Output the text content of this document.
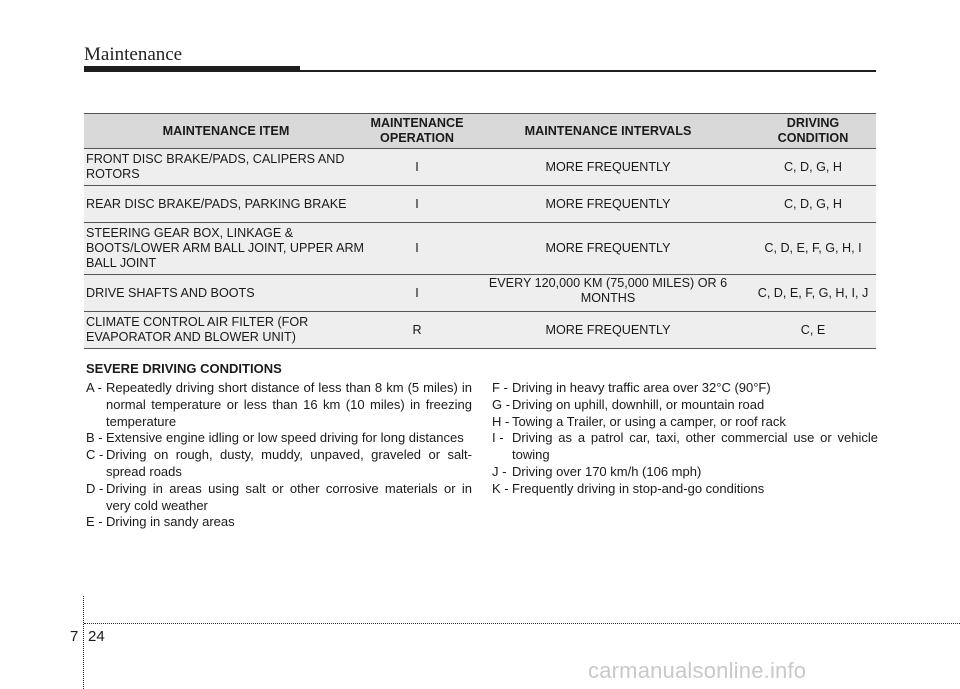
Maintenance
MAINTENANCE ITEM	MAINTENANCE OPERATION	MAINTENANCE INTERVALS	DRIVING CONDITION
FRONT DISC BRAKE/PADS, CALIPERS AND ROTORS	I	MORE FREQUENTLY	C, D, G, H
REAR DISC BRAKE/PADS, PARKING BRAKE	I	MORE FREQUENTLY	C, D, G, H
STEERING GEAR BOX, LINKAGE & BOOTS/LOWER ARM BALL JOINT, UPPER ARM BALL JOINT	I	MORE FREQUENTLY	C, D, E, F, G, H, I
DRIVE SHAFTS AND BOOTS	I	EVERY 120,000 KM (75,000 MILES) OR 6 MONTHS	C, D, E, F, G, H, I, J
CLIMATE CONTROL AIR FILTER (FOR EVAPORATOR AND BLOWER UNIT)	R	MORE FREQUENTLY	C, E
SEVERE DRIVING CONDITIONS
A - Repeatedly driving short distance of less than 8 km (5 miles) in normal temperature or less than 16 km (10 miles) in freezing temperature
B - Extensive engine idling or low speed driving for long distances
C - Driving on rough, dusty, muddy, unpaved, graveled or salt-spread roads
D - Driving in areas using salt or other corrosive materials or in very cold weather
E - Driving in sandy areas
F - Driving in heavy traffic area over 32°C (90°F)
G - Driving on uphill, downhill, or mountain road
H - Towing a Trailer, or using a camper, or roof rack
I - Driving as a patrol car, taxi, other commercial use or vehicle towing
J - Driving over 170 km/h (106 mph)
K - Frequently driving in stop-and-go conditions
7 24
carmanualsonline.info
